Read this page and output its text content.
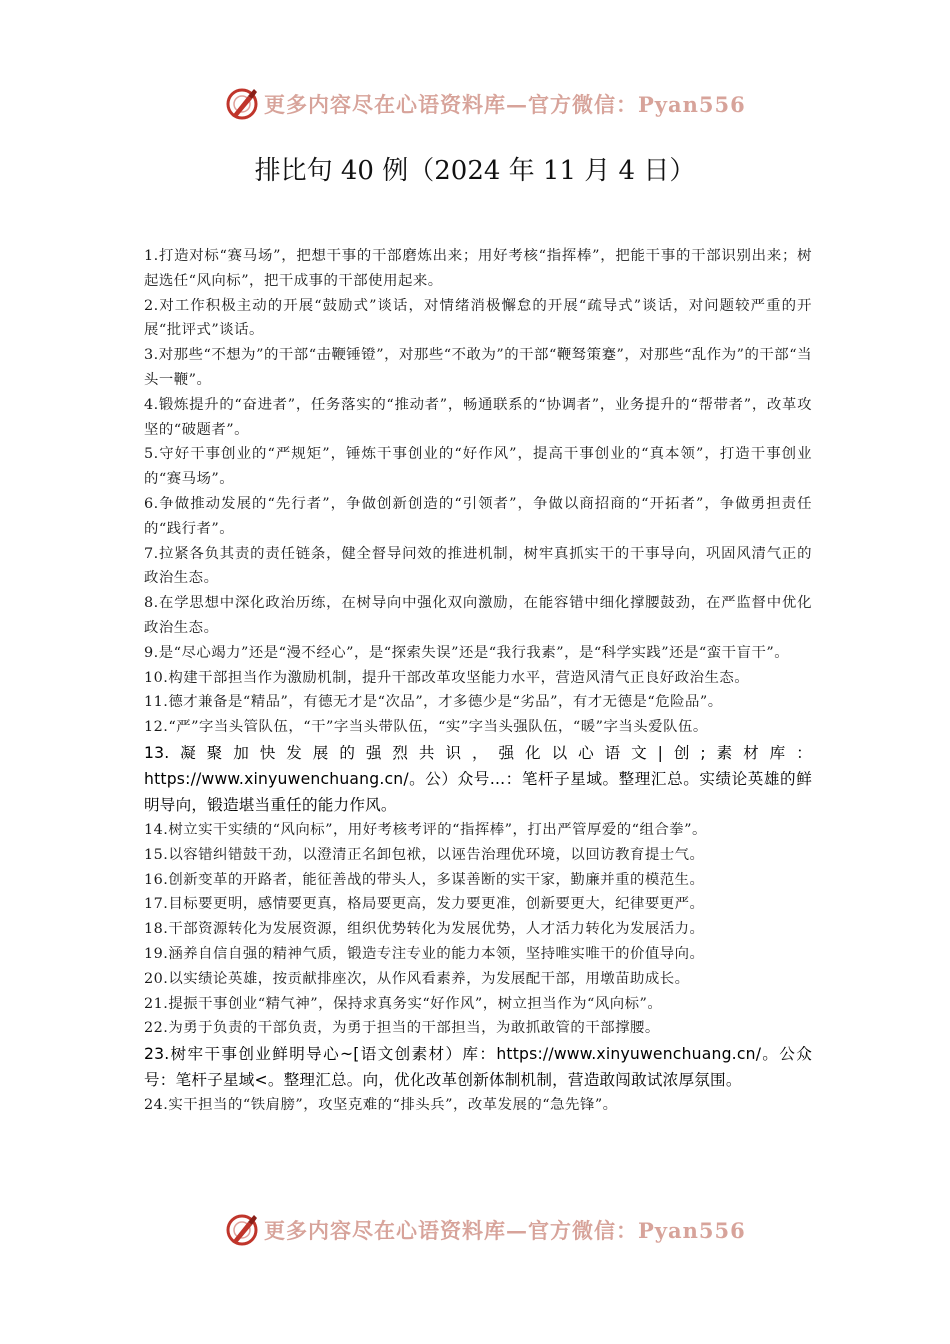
更多内容尽在心语资料库—官方微信：Pyan556
排比句 40 例（2024 年 11 月 4 日）

1.打造对标“赛马场”，把想干事的干部磨炼出来；用好考核“指挥棒”，把能干事的干部识别出来；树起选任“风向标”，把干成事的干部使用起来。

2.对工作积极主动的开展“鼓励式”谈话，对情绪消极懈怠的开展“疏导式”谈话，对问题较严重的开展“批评式”谈话。

3.对那些“不想为”的干部“击鞭锤镫”，对那些“不敢为”的干部“鞭驽策蹇”，对那些“乱作为”的干部“当头一鞭”。

4.锻炼提升的“奋进者”，任务落实的“推动者”，畅通联系的“协调者”，业务提升的“帮带者”，改革攻坚的“破题者”。

5.守好干事创业的“严规矩”，锤炼干事创业的“好作风”，提高干事创业的“真本领”，打造干事创业的“赛马场”。

6.争做推动发展的“先行者”，争做创新创造的“引领者”，争做以商招商的“开拓者”，争做勇担责任的“践行者”。

7.拉紧各负其责的责任链条，健全督导问效的推进机制，树牢真抓实干的干事导向，巩固风清气正的政治生态。

8.在学思想中深化政治历练，在树导向中强化双向激励，在能容错中细化撑腰鼓劲，在严监督中优化政治生态。

9.是“尽心竭力”还是“漫不经心”，是“探索失误”还是“我行我素”，是“科学实践”还是“蛮干盲干”。

10.构建干部担当作为激励机制，提升干部改革攻坚能力水平，营造风清气正良好政治生态。

11.德才兼备是“精品”，有德无才是“次品”，才多德少是“劣品”，有才无德是“危险品”。

12.“严”字当头管队伍，“干”字当头带队伍，“实”字当头强队伍，“暖”字当头爱队伍。

13.凝聚加快发展的强烈共识，强化以心语文|创;素材库：https://www.xinyuwenchuang.cn/。公）众号...：笔杆子星域。整理汇总。实绩论英雄的鲜明导向，锻造堪当重任的能力作风。

14.树立实干实绩的“风向标”，用好考核考评的“指挥棒”，打出严管厚爱的“组合拳”。

15.以容错纠错鼓干劲，以澄清正名卸包袱，以诬告治理优环境，以回访教育提士气。

16.创新变革的开路者，能征善战的带头人，多谋善断的实干家，勤廉并重的模范生。

17.目标要更明，感情要更真，格局要更高，发力要更准，创新要更大，纪律要更严。

18.干部资源转化为发展资源，组织优势转化为发展优势，人才活力转化为发展活力。

19.涵养自信自强的精神气质，锻造专注专业的能力本领，坚持唯实唯干的价值导向。

20.以实绩论英雄，按贡献排座次，从作风看素养，为发展配干部，用墩苗助成长。

21.提振干事创业“精气神”，保持求真务实“好作风”，树立担当作为“风向标”。

22.为勇于负责的干部负责，为勇于担当的干部担当，为敢抓敢管的干部撑腰。

23.树牢干事创业鲜明导心~[语文创素材）库：https://www.xinyuwenchuang.cn/。公众号：笔杆子星域<。整理汇总。向，优化改革创新体制机制，营造敢闯敢试浓厚氛围。

24.实干担当的“铁肩膀”，攻坚克难的“排头兵”，改革发展的“急先锋”。

更多内容尽在心语资料库—官方微信：Pyan556
